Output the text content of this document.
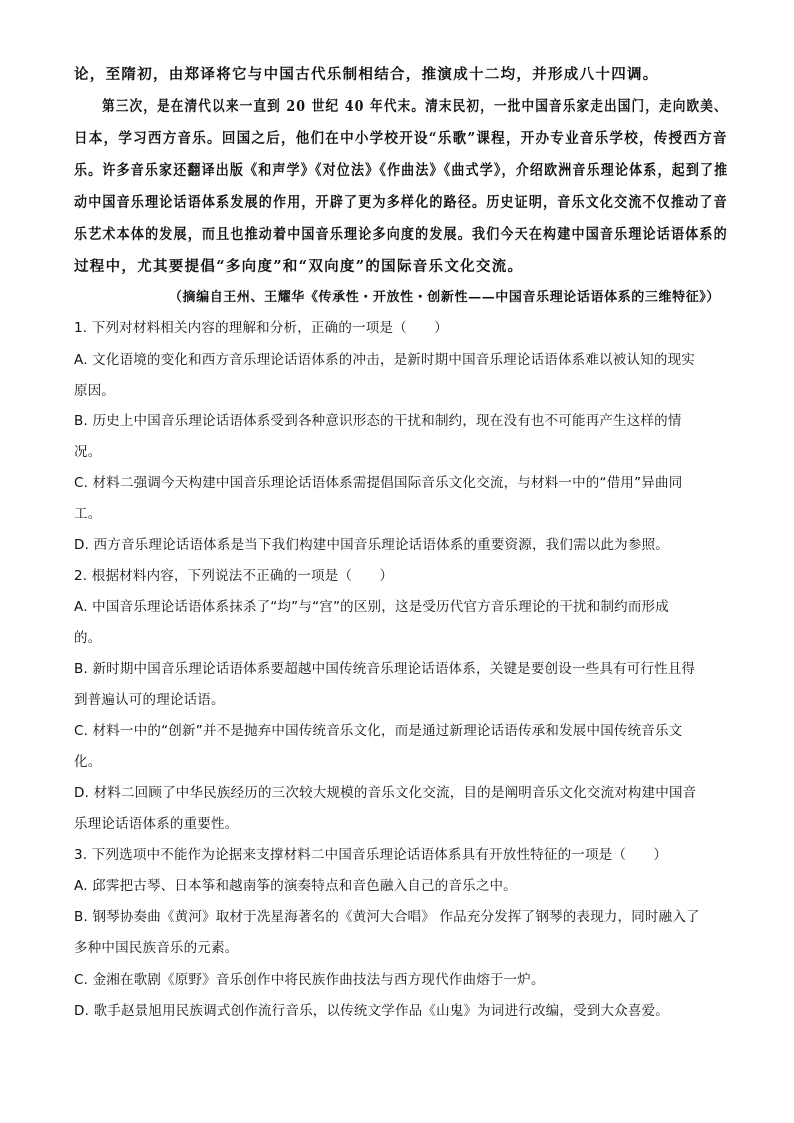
论，至隋初，由郑译将它与中国古代乐制相结合，推演成十二均，并形成八十四调。
第三次，是在清代以来一直到 20 世纪 40 年代末。清末民初，一批中国音乐家走出国门，走向欧美、
日本，学习西方音乐。回国之后，他们在中小学校开设“乐歌”课程，开办专业音乐学校，传授西方音
乐。许多音乐家还翻译出版《和声学》《对位法》《作曲法》《曲式学》，介绍欧洲音乐理论体系，起到了推
动中国音乐理论话语体系发展的作用，开辟了更为多样化的路径。历史证明，音乐文化交流不仅推动了音
乐艺术本体的发展，而且也推动着中国音乐理论多向度的发展。我们今天在构建中国音乐理论话语体系的
过程中，尤其要提倡“多向度”和“双向度”的国际音乐文化交流。
（摘编自王州、王耀华《传承性・开放性・创新性——中国音乐理论话语体系的三维特征》）
1. 下列对材料相关内容的理解和分析，正确的一项是（　　）
A. 文化语境的变化和西方音乐理论话语体系的冲击，是新时期中国音乐理论话语体系难以被认知的现实
原因。
B. 历史上中国音乐理论话语体系受到各种意识形态的干扰和制约，现在没有也不可能再产生这样的情
况。
C. 材料二强调今天构建中国音乐理论话语体系需提倡国际音乐文化交流，与材料一中的“借用”异曲同
工。
D. 西方音乐理论话语体系是当下我们构建中国音乐理论话语体系的重要资源，我们需以此为参照。
2. 根据材料内容，下列说法不正确的一项是（　　）
A. 中国音乐理论话语体系抹杀了“均”与“宫”的区别，这是受历代官方音乐理论的干扰和制约而形成
的。
B. 新时期中国音乐理论话语体系要超越中国传统音乐理论话语体系，关键是要创设一些具有可行性且得
到普遍认可的理论话语。
C. 材料一中的“创新”并不是抛弃中国传统音乐文化，而是通过新理论话语传承和发展中国传统音乐文
化。
D. 材料二回顾了中华民族经历的三次较大规模的音乐文化交流，目的是阐明音乐文化交流对构建中国音
乐理论话语体系的重要性。
3. 下列选项中不能作为论据来支撑材料二中国音乐理论话语体系具有开放性特征的一项是（　　）
A. 邱霁把古琴、日本筝和越南筝的演奏特点和音色融入自己的音乐之中。
B. 钢琴协奏曲《黄河》取材于冼星海著名的《黄河大合唱》 作品充分发挥了钢琴的表现力，同时融入了
多种中国民族音乐的元素。
C. 金湘在歌剧《原野》音乐创作中将民族作曲技法与西方现代作曲熔于一炉。
D. 歌手赵景旭用民族调式创作流行音乐，以传统文学作品《山鬼》为词进行改编，受到大众喜爱。
